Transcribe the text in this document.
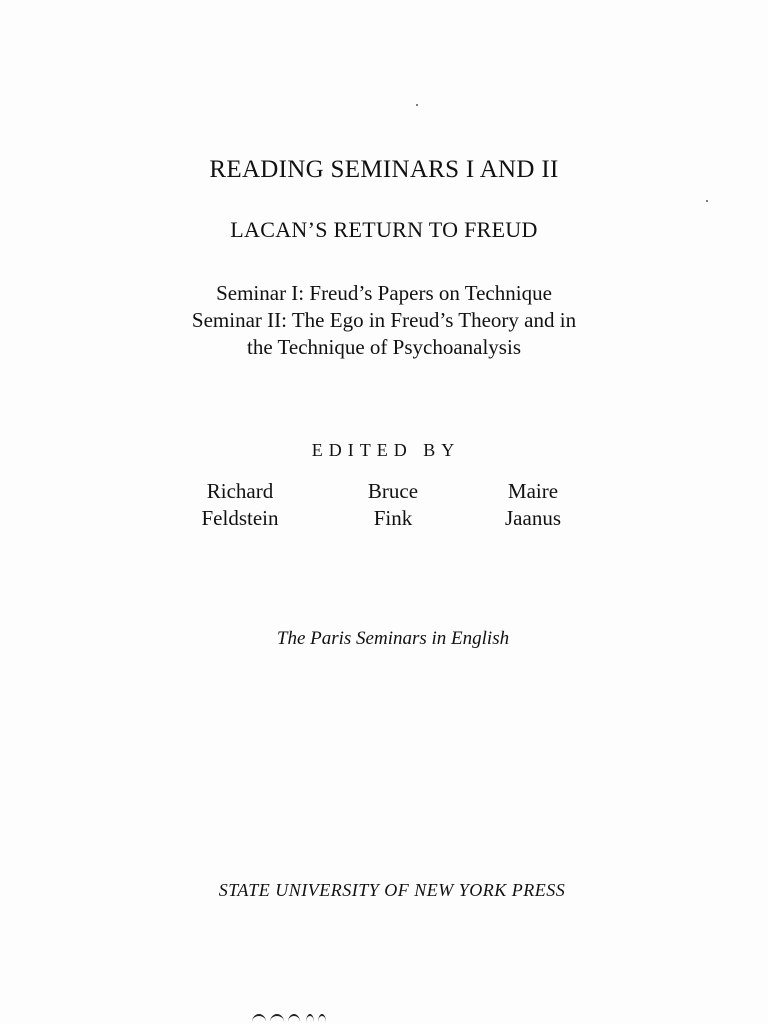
READING SEMINARS I AND II
LACAN’S RETURN TO FREUD
Seminar I: Freud’s Papers on Technique
Seminar II: The Ego in Freud’s Theory and in
the Technique of Psychoanalysis
EDITED BY
Richard
Feldstein
Bruce
Fink
Maire
Jaanus
The Paris Seminars in English
STATE UNIVERSITY OF NEW YORK PRESS
